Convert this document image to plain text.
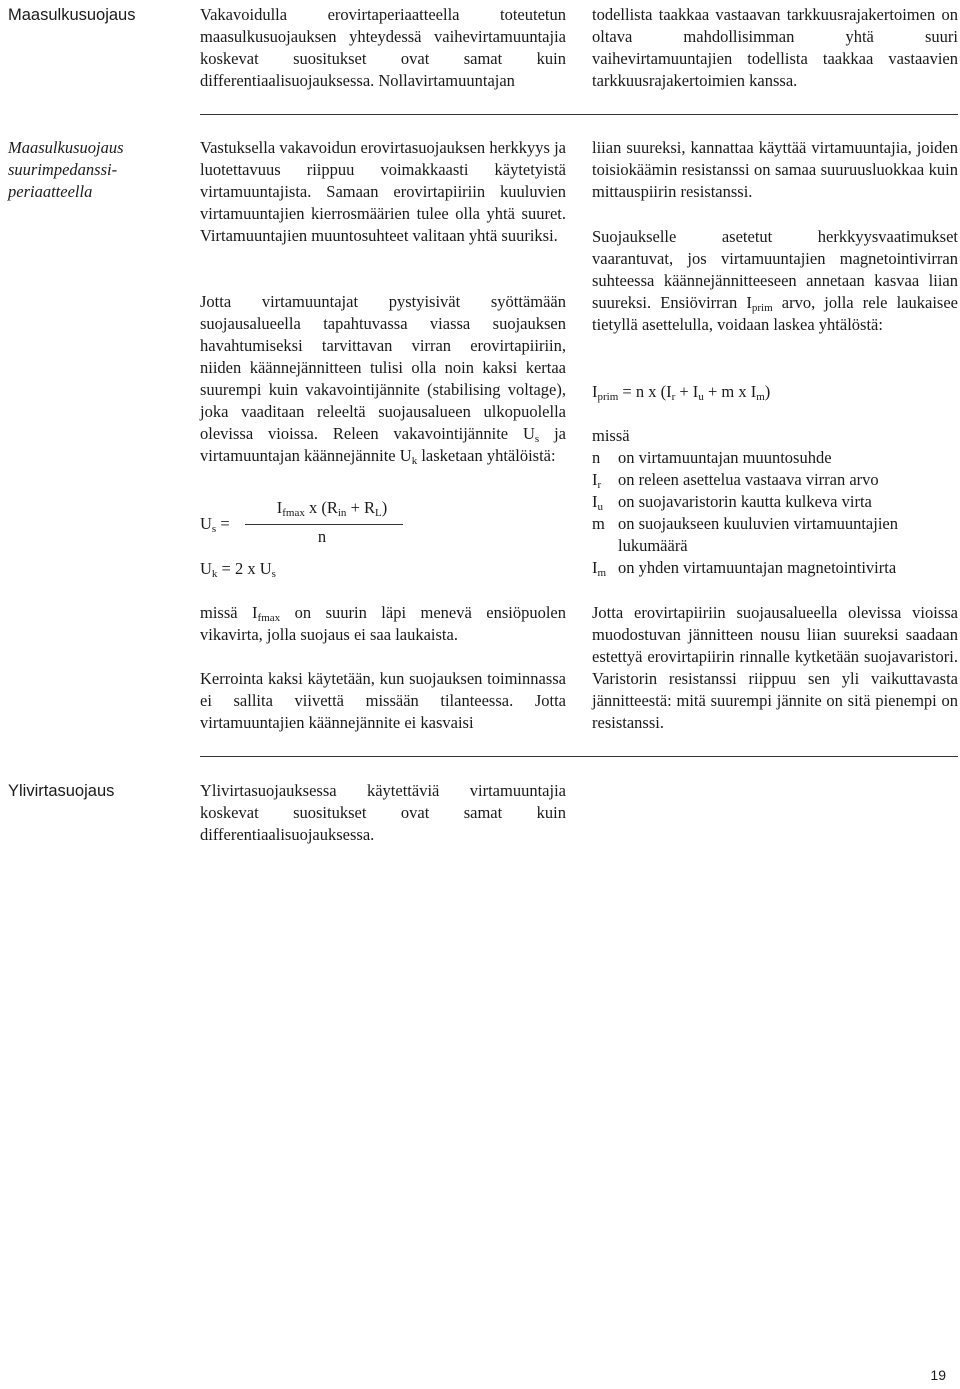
Maasulkusuojaus	Vakavoidulla erovirtaperiaatteella toteutetun maasulkusuojauksen yhteydessä vaihevirtamuuntajia koskevat suositukset ovat samat kuin differentiaalisuojauksessa. Nollavirtamuuntajan

todellista taakkaa vastaavan tarkkuusrajakertoimen on oltava mahdollisimman yhtä suuri vaihevirtamuuntajien todellista taakkaa vastaavien tarkkuusrajakertoimien kanssa.

Maasulkusuojaus
suurimpedanssi-
periaatteella

Vastuksella vakavoidun erovirtasuojauksen herkkyys ja luotettavuus riippuu voimakkaasti käytetyistä virtamuuntajista. Samaan erovirtapiiriin kuuluvien virtamuuntajien kierrosmäärien tulee olla yhtä suuret. Virtamuuntajien muuntosuhteet valitaan yhtä suuriksi.

Jotta virtamuuntajat pystyisivät syöttämään suojausalueella tapahtuvassa viassa suojauksen havahtumiseksi tarvittavan virran erovirtapiiriin, niiden käännejännitteen tulisi olla noin kaksi kertaa suurempi kuin vakavointijännite (stabilising voltage), joka vaaditaan releeltä suojausalueen ulkopuolella olevissa vioissa. Releen vakavointijännite $U_s$ ja virtamuuntajan käännejännite $U_k$ lasketaan yhtälöistä:

$I_{fmax}$ x $(R_{in} + R_L)$
$U_s$ =
n
$U_k = 2$ x $U_s$

missä $I_{fmax}$ on suurin läpi menevä ensiöpuolen vikavirta, jolla suojaus ei saa laukaista.

Kerrointa kaksi käytetään, kun suojauksen toiminnassa ei sallita viivettä missään tilanteessa. Jotta virtamuuntajien käännejännite ei kasvaisi

liian suureksi, kannattaa käyttää virtamuuntajia, joiden toisiokäämin resistanssi on samaa suuruusluokkaa kuin mittauspiirin resistanssi.

Suojaukselle asetetut herkkyysvaatimukset vaarantuvat, jos virtamuuntajien magnetointivirran suhteessa käännejännitteeseen annetaan kasvaa liian suureksi. Ensiövirran $I_{prim}$ arvo, jolla rele laukaisee tietyllä asettelulla, voidaan laskea yhtälöstä:

$I_{prim} = n$ x ($I_r + I_u + m$ x $I_m$)
missä
n on virtamuuntajan muuntosuhde
$I_r$ on releen asettelua vastaava virran arvo
$I_u$ on suojavaristorin kautta kulkeva virta
m on suojaukseen kuuluvien virtamuuntajien lukumäärä
$I_m$ on yhden virtamuuntajan magnetointivirta

Jotta erovirtapiiriin suojausalueella olevissa vioissa muodostuvan jännitteen nousu liian suureksi saadaan estettyä erovirtapiirin rinnalle kytketään suojavaristori. Varistorin resistanssi riippuu sen yli vaikuttavasta jännitteestä: mitä suurempi jännite on sitä pienempi on resistanssi.

Ylivirtasuojaus	Ylivirtasuojauksessa käytettäviä virtamuuntajia koskevat suositukset ovat samat kuin differentiaalisuojauksessa.

19
